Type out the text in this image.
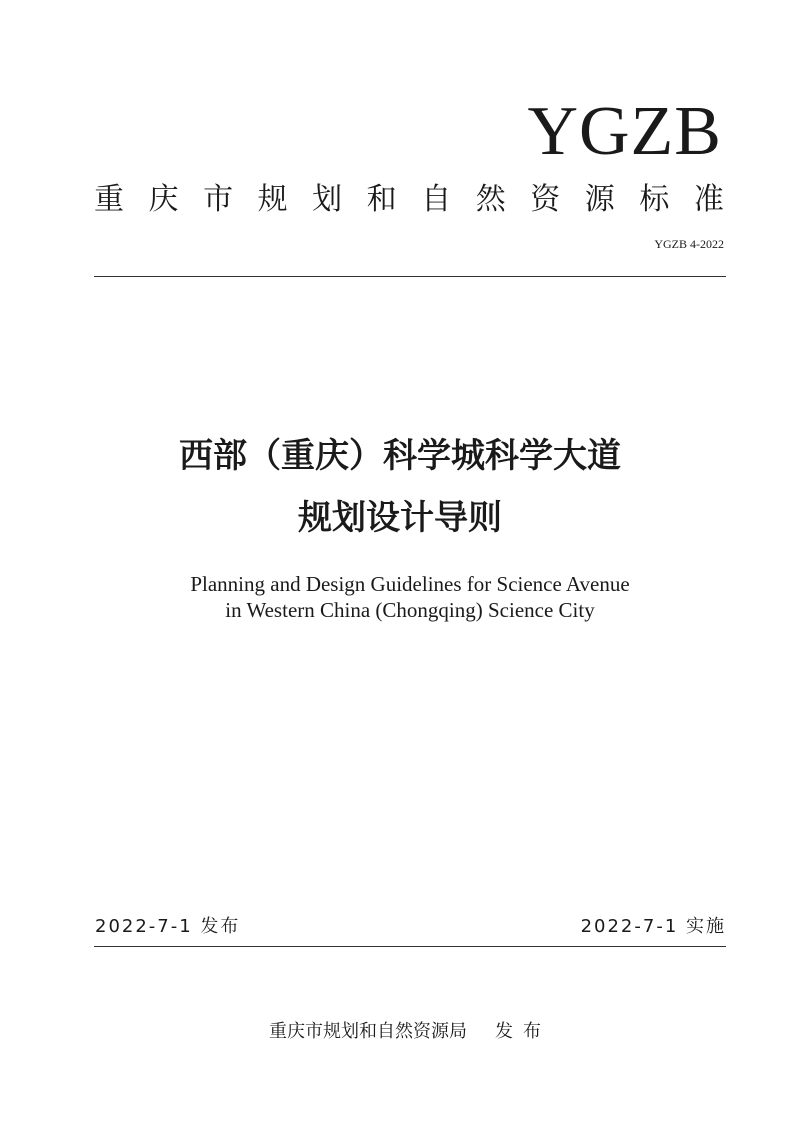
YGZB
重 庆 市 规 划 和 自 然 资 源 标 准
YGZB 4-2022
西部（重庆）科学城科学大道
规划设计导则
Planning and Design Guidelines for Science Avenue
in Western China (Chongqing) Science City
2022-7-1 发布	2022-7-1 实施
重庆市规划和自然资源局 发布
